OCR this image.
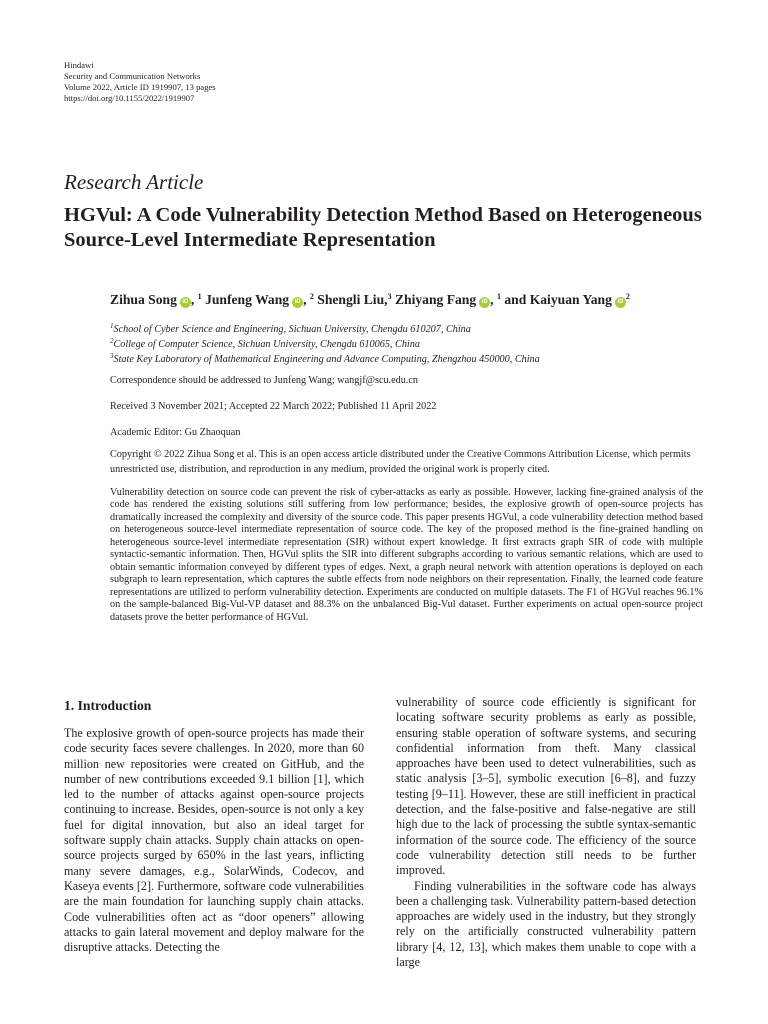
Hindawi
Security and Communication Networks
Volume 2022, Article ID 1919907, 13 pages
https://doi.org/10.1155/2022/1919907
Research Article
HGVul: A Code Vulnerability Detection Method Based on Heterogeneous Source-Level Intermediate Representation
Zihua Song iD , $^1$ Junfeng Wang iD , $^2$ Shengli Liu,$^3$ Zhiyang Fang iD , $^1$ and Kaiyuan Yang $iD^2$
$^1$School of Cyber Science and Engineering, Sichuan University, Chengdu 610207, China
$^2$College of Computer Science, Sichuan University, Chengdu 610065, China
$^3$State Key Laboratory of Mathematical Engineering and Advance Computing, Zhengzhou 450000, China
Correspondence should be addressed to Junfeng Wang; wangjf@scu.edu.cn
Received 3 November 2021; Accepted 22 March 2022; Published 11 April 2022
Academic Editor: Gu Zhaoquan
Copyright © 2022 Zihua Song et al. This is an open access article distributed under the Creative Commons Attribution License, which permits unrestricted use, distribution, and reproduction in any medium, provided the original work is properly cited.

Vulnerability detection on source code can prevent the risk of cyber-attacks as early as possible. However, lacking fine-grained analysis of the code has rendered the existing solutions still suffering from low performance; besides, the explosive growth of open-source projects has dramatically increased the complexity and diversity of the source code. This paper presents HGVul, a code vulnerability detection method based on heterogeneous source-level intermediate representation of source code. The key of the proposed method is the fine-grained handling on heterogeneous source-level intermediate representation (SIR) without expert knowledge. It first extracts graph SIR of code with multiple syntactic-semantic information. Then, HGVul splits the SIR into different subgraphs according to various semantic relations, which are used to obtain semantic information conveyed by different types of edges. Next, a graph neural network with attention operations is deployed on each subgraph to learn representation, which captures the subtle effects from node neighbors on their representation. Finally, the learned code feature representations are utilized to perform vulnerability detection. Experiments are conducted on multiple datasets. The F1 of HGVul reaches 96.1% on the sample-balanced Big-Vul-VP dataset and 88.3% on the unbalanced Big-Vul dataset. Further experiments on actual open-source project datasets prove the better performance of HGVul.

1. Introduction

The explosive growth of open-source projects has made their code security faces severe challenges. In 2020, more than 60 million new repositories were created on GitHub, and the number of new contributions exceeded 9.1 billion [1], which led to the number of attacks against open-source projects continuing to increase. Besides, open-source is not only a key fuel for digital innovation, but also an ideal target for software supply chain attacks. Supply chain attacks on open-source projects surged by 650% in the last years, inflicting many severe damages, e.g., SolarWinds, Codecov, and Kaseya events [2]. Furthermore, software code vulnerabilities are the main foundation for launching supply chain attacks. Code vulnerabilities often act as “door openers” allowing attacks to gain lateral movement and deploy malware for the disruptive attacks. Detecting the

vulnerability of source code efficiently is significant for locating software security problems as early as possible, ensuring stable operation of software systems, and securing confidential information from theft. Many classical approaches have been used to detect vulnerabilities, such as static analysis [3–5], symbolic execution [6–8], and fuzzy testing [9–11]. However, these are still inefficient in practical detection, and the false-positive and false-negative are still high due to the lack of processing the subtle syntax-semantic information of the source code. The efficiency of the source code vulnerability detection still needs to be further improved.

Finding vulnerabilities in the software code has always been a challenging task. Vulnerability pattern-based detection approaches are widely used in the industry, but they strongly rely on the artificially constructed vulnerability pattern library [4, 12, 13], which makes them unable to cope with a large
